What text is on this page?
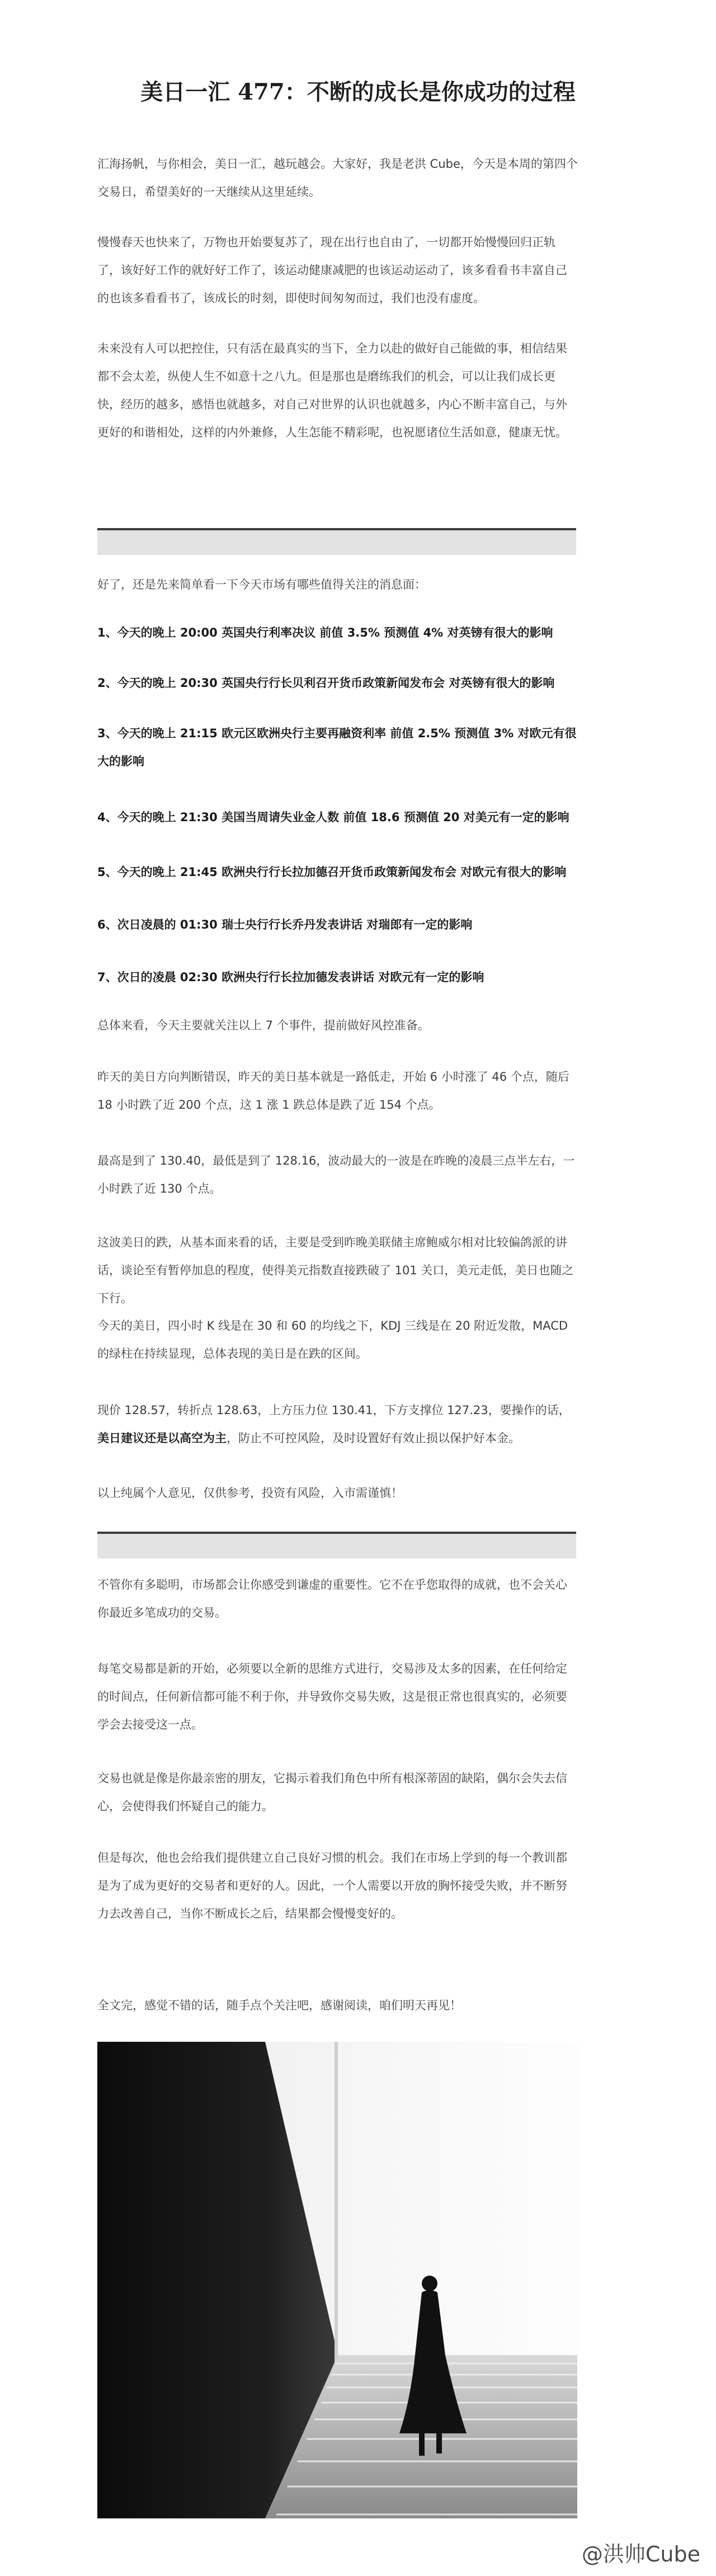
美日一汇 477：不断的成长是你成功的过程

汇海扬帆，与你相会，美日一汇，越玩越会。大家好，我是老洪 Cube，今天是本周的第四个交易日，希望美好的一天继续从这里延续。

慢慢春天也快来了，万物也开始要复苏了，现在出行也自由了，一切都开始慢慢回归正轨了，该好好工作的就好好工作了，该运动健康减肥的也该运动运动了，该多看看书丰富自己的也该多看看书了，该成长的时刻，即使时间匆匆而过，我们也没有虚度。

未来没有人可以把控住，只有活在最真实的当下，全力以赴的做好自己能做的事，相信结果都不会太差，纵使人生不如意十之八九。但是那也是磨练我们的机会，可以让我们成长更快，经历的越多，感悟也就越多，对自己对世界的认识也就越多，内心不断丰富自己，与外更好的和谐相处，这样的内外兼修，人生怎能不精彩呢，也祝愿诸位生活如意，健康无忧。

好了，还是先来简单看一下今天市场有哪些值得关注的消息面：

1、今天的晚上 20:00 英国央行利率决议 前值 3.5% 预测值 4% 对英镑有很大的影响

2、今天的晚上 20:30 英国央行行长贝利召开货币政策新闻发布会 对英镑有很大的影响

3、今天的晚上 21:15 欧元区欧洲央行主要再融资利率 前值 2.5% 预测值 3% 对欧元有很大的影响

4、今天的晚上 21:30 美国当周请失业金人数 前值 18.6 预测值 20 对美元有一定的影响

5、今天的晚上 21:45 欧洲央行行长拉加德召开货币政策新闻发布会 对欧元有很大的影响

6、次日凌晨的 01:30 瑞士央行行长乔丹发表讲话 对瑞郎有一定的影响

7、次日的凌晨 02:30 欧洲央行行长拉加德发表讲话 对欧元有一定的影响

总体来看，今天主要就关注以上 7 个事件，提前做好风控准备。

昨天的美日方向判断错误，昨天的美日基本就是一路低走，开始 6 小时涨了 46 个点，随后 18 小时跌了近 200 个点，这 1 涨 1 跌总体是跌了近 154 个点。

最高是到了 130.40，最低是到了 128.16，波动最大的一波是在昨晚的凌晨三点半左右，一小时跌了近 130 个点。

这波美日的跌，从基本面来看的话，主要是受到昨晚美联储主席鲍威尔相对比较偏鸽派的讲话，谈论至有暂停加息的程度，使得美元指数直接跌破了 101 关口，美元走低，美日也随之下行。

今天的美日，四小时 K 线是在 30 和 60 的均线之下，KDJ 三线是在 20 附近发散，MACD 的绿柱在持续显现，总体表现的美日是在跌的区间。

现价 128.57，转折点 128.63，上方压力位 130.41，下方支撑位 127.23，要操作的话，美日建议还是以高空为主，防止不可控风险，及时设置好有效止损以保护好本金。

以上纯属个人意见，仅供参考，投资有风险，入市需谨慎！

不管你有多聪明，市场都会让你感受到谦虚的重要性。它不在乎您取得的成就，也不会关心你最近多笔成功的交易。

每笔交易都是新的开始，必须要以全新的思维方式进行，交易涉及太多的因素，在任何给定的时间点，任何新信都可能不利于你，并导致你交易失败，这是很正常也很真实的，必须要学会去接受这一点。

交易也就是像是你最亲密的朋友，它揭示着我们角色中所有根深蒂固的缺陷，偶尔会失去信心，会使得我们怀疑自己的能力。

但是每次，他也会给我们提供建立自己良好习惯的机会。我们在市场上学到的每一个教训都是为了成为更好的交易者和更好的人。因此，一个人需要以开放的胸怀接受失败，并不断努力去改善自己，当你不断成长之后，结果都会慢慢变好的。

全文完，感觉不错的话，随手点个关注吧，感谢阅读，咱们明天再见！

@洪帅Cube
